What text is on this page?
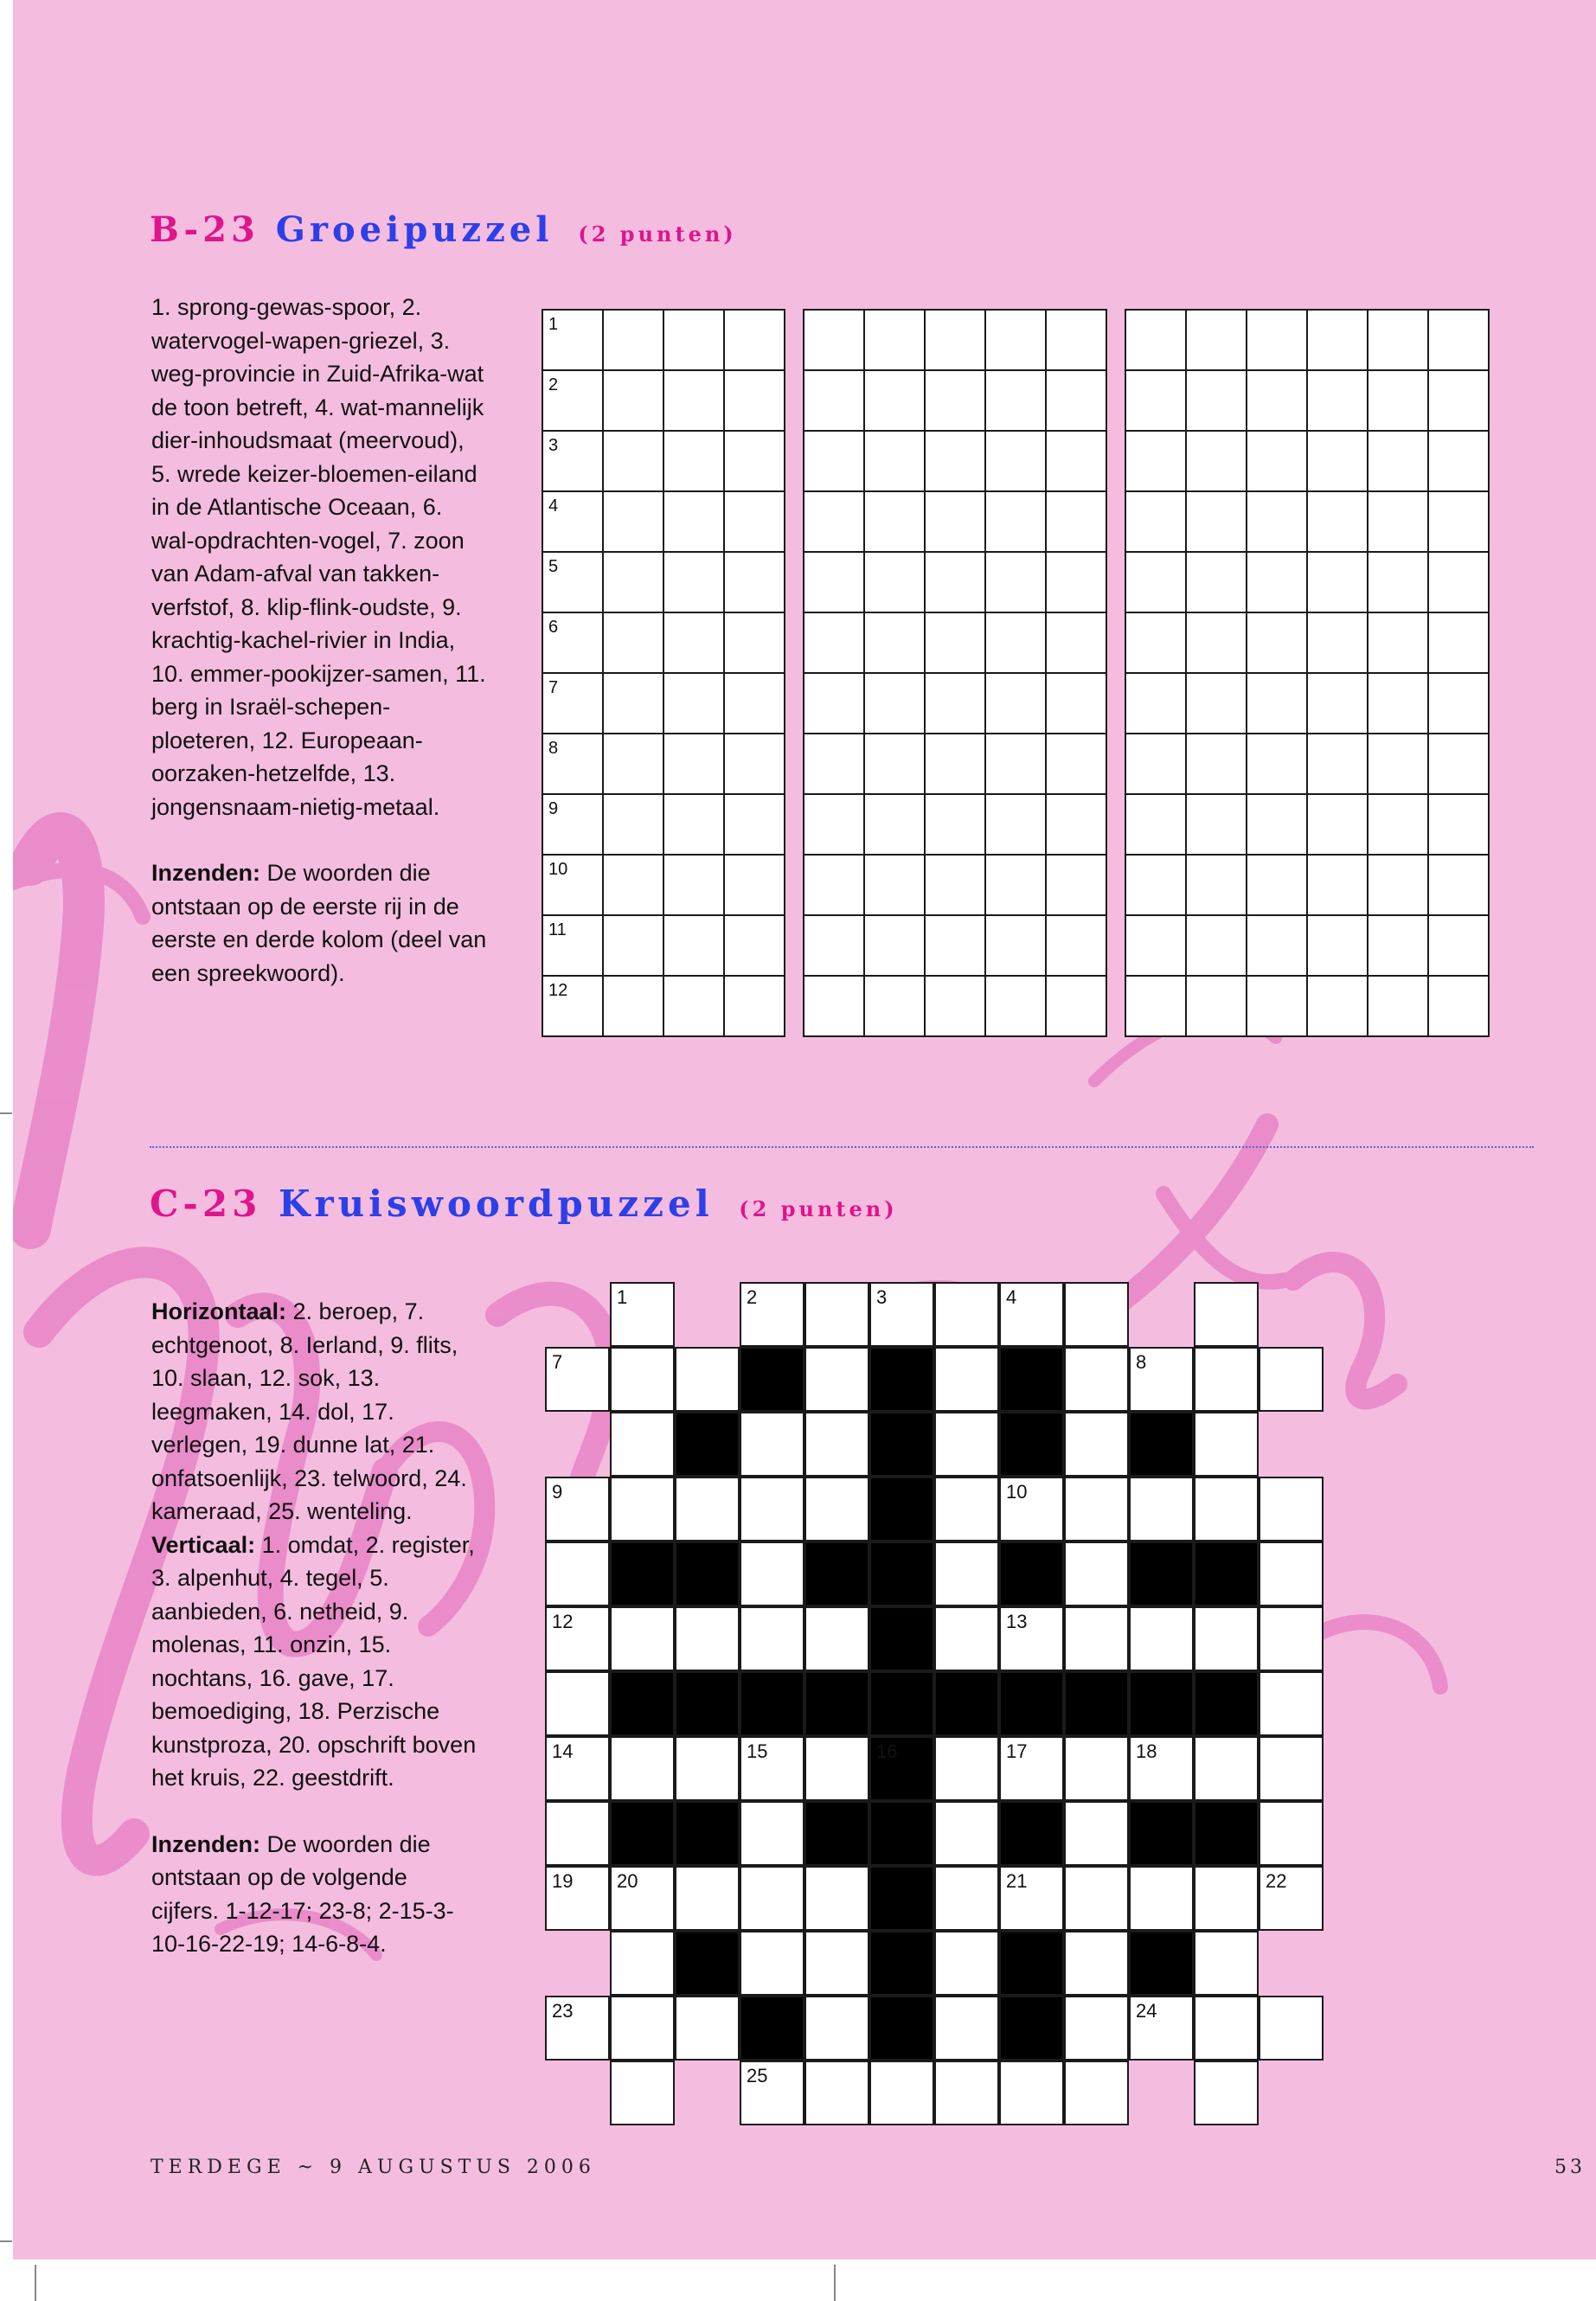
B-23 Groeipuzzel (2 punten)

1. sprong-gewas-spoor, 2. watervogel-wapen-griezel, 3. weg-provincie in Zuid-Afrika-wat de toon betreft, 4. wat-mannelijk dier-inhoudsmaat (meervoud), 5. wrede keizer-bloemen-eiland in de Atlantische Oceaan, 6. wal-opdrachten-vogel, 7. zoon van Adam-afval van takken-verfstof, 8. klip-flink-oudste, 9. krachtig-kachel-rivier in India, 10. emmer-pookijzer-samen, 11. berg in Israël-schepen-ploeteren, 12. Europeaan-oorzaken-hetzelfde, 13. jongensnaam-nietig-metaal.

Inzenden: De woorden die ontstaan op de eerste rij in de eerste en derde kolom (deel van een spreekwoord).

1			

2			

3			

4			

5			

6			

7			

8			

9			

10			

11			

12			

C-23 Kruiswoordpuzzel (2 punten)

Horizontaal: 2. beroep, 7. echtgenoot, 8. Ierland, 9. flits, 10. slaan, 12. sok, 13. leegmaken, 14. dol, 17. verlegen, 19. dunne lat, 21. onfatsoenlijk, 23. telwoord, 24. kameraad, 25. wenteling. Verticaal: 1. omdat, 2. register, 3. alpenhut, 4. tegel, 5. aanbieden, 6. netheid, 9. molenas, 11. onzin, 15. nochtans, 16. gave, 17. bemoediging, 18. Perzische kunstproza, 20. opschrift boven het kruis, 22. geestdrift.

Inzenden: De woorden die ontstaan op de volgende cijfers. 1-12-17; 23-8; 2-15-3-10-16-22-19; 14-6-8-4.

1	2	3	4
7	8
9	10
12	13
14	15	16	17	18
19 20	21	22
23	24
25
TERDEGE ~ 9 AUGUSTUS 2006	53
